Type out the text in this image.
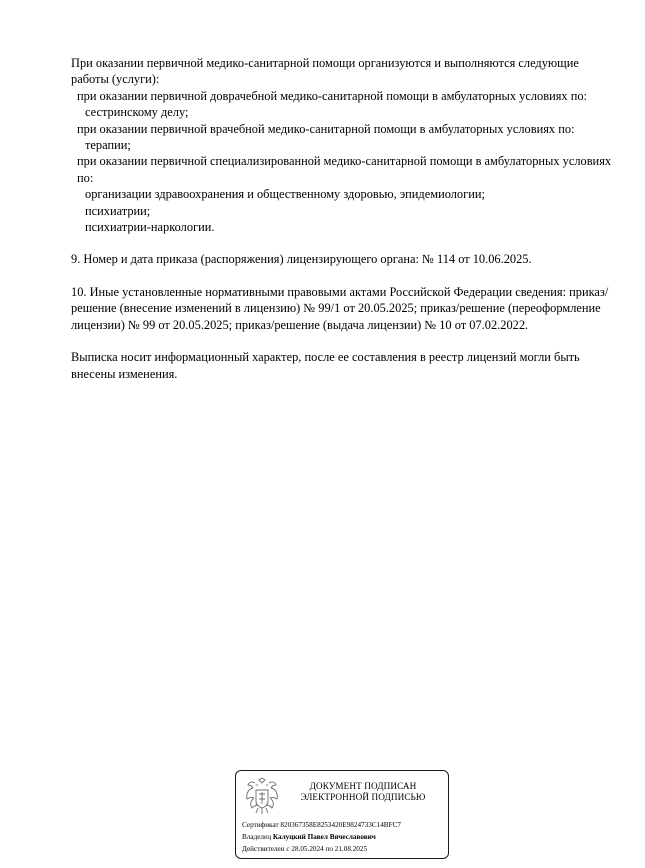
При оказании первичной медико-санитарной помощи организуются и выполняются следующие работы (услуги):

при оказании первичной доврачебной медико-санитарной помощи в амбулаторных условиях по:

сестринскому делу;

при оказании первичной врачебной медико-санитарной помощи в амбулаторных условиях по:

терапии;

при оказании первичной специализированной медико-санитарной помощи в амбулаторных условиях по:

организации здравоохранения и общественному здоровью, эпидемиологии;

психиатрии;

психиатрии-наркологии.

9. Номер и дата приказа (распоряжения) лицензирующего органа: № 114 от 10.06.2025.

10. Иные установленные нормативными правовыми актами Российской Федерации сведения: приказ/решение (внесение изменений в лицензию) № 99/1 от 20.05.2025; приказ/решение (переоформление лицензии) № 99 от 20.05.2025; приказ/решение (выдача лицензии) № 10 от 07.02.2022.

Выписка носит информационный характер, после ее составления в реестр лицензий могли быть внесены изменения.

ДОКУМЕНТ ПОДПИСАН
ЭЛЕКТРОННОЙ ПОДПИСЬЮ
Сертификат 820367358E8253420E9824733C14BFC7
Владелец Калуцкий Павел Вячеславович
Действителен с 28.05.2024 по 21.08.2025
